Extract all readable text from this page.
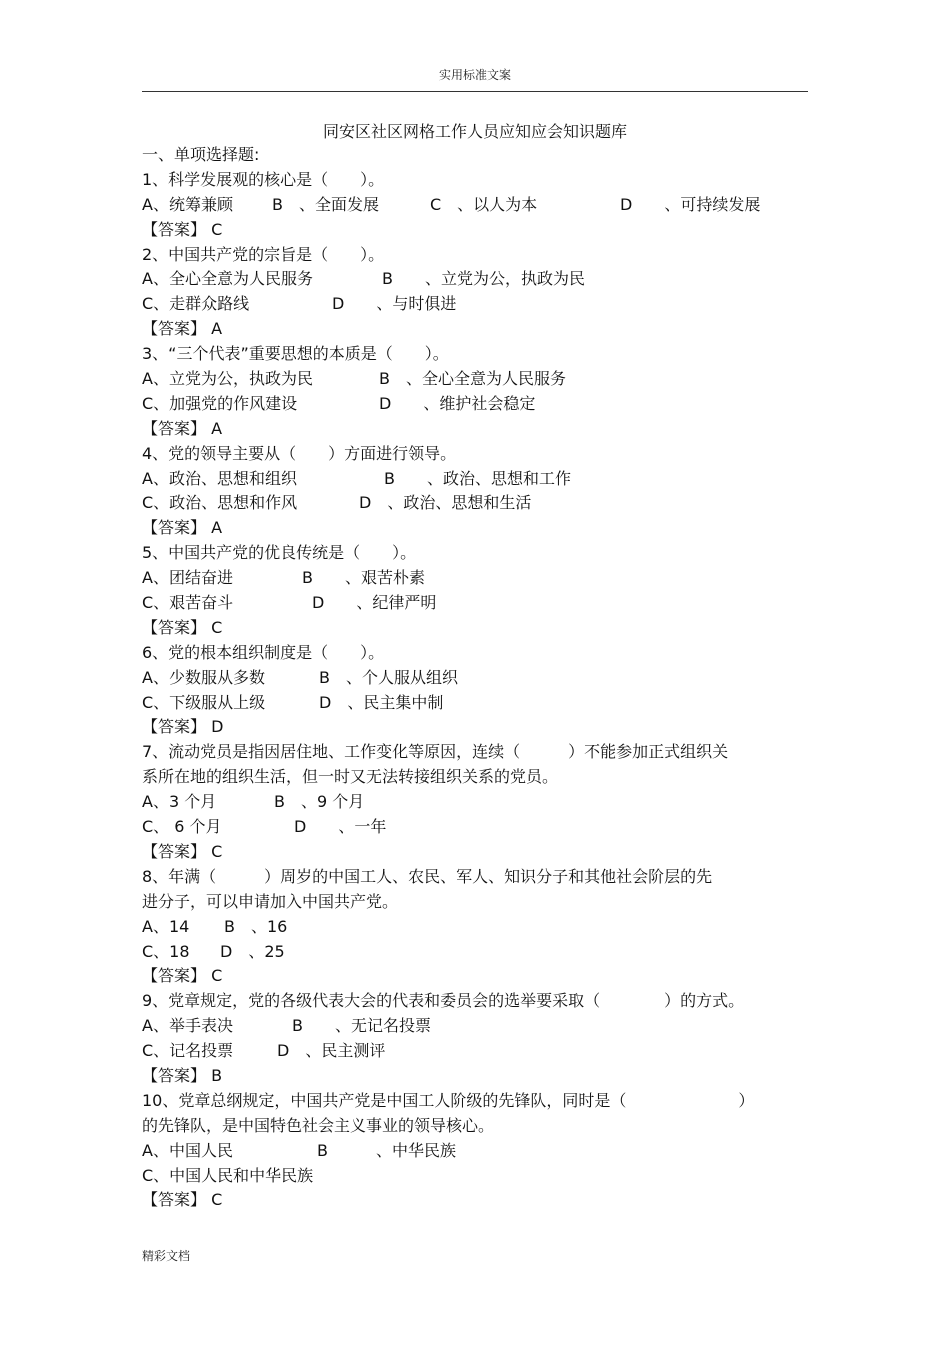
实用标准文案
同安区社区网格工作人员应知应会知识题库
一、单项选择题:
1、科学发展观的核心是（　　）。
A、统筹兼顾 B　、全面发展	C　、以人为本	D　　、可持续发展
【答案】 C
2、中国共产党的宗旨是（　　）。
A、全心全意为人民服务	B　　、立党为公，执政为民
C、走群众路线	D　　、与时俱进
【答案】 A
3、“三个代表”重要思想的本质是（　　）。
A、立党为公，执政为民	B　、全心全意为人民服务
C、加强党的作风建设	D　　、维护社会稳定
【答案】 A
4、党的领导主要从（　　）方面进行领导。
A、政治、思想和组织	B　　、政治、思想和工作
C、政治、思想和作风	D　、政治、思想和生活
【答案】 A
5、中国共产党的优良传统是（　　）。
A、团结奋进	B　　、艰苦朴素
C、艰苦奋斗	D　　、纪律严明
【答案】 C
6、党的根本组织制度是（　　）。
A、少数服从多数	B　、个人服从组织
C、下级服从上级	D　、民主集中制
【答案】 D
7、流动党员是指因居住地、工作变化等原因，连续（　　　）不能参加正式组织关
系所在地的组织生活，但一时又无法转接组织关系的党员。
A、3 个月	B　、9 个月
C、 6 个月	D　　、一年
【答案】 C
8、年满（　　　）周岁的中国工人、农民、军人、知识分子和其他社会阶层的先
进分子，可以申请加入中国共产党。
A、14 B　、16
C、18 D　、25
【答案】 C
9、党章规定，党的各级代表大会的代表和委员会的选举要采取（　　　　）的方式。
A、举手表决	B　　、无记名投票
C、记名投票	D　、民主测评
【答案】 B
10、党章总纲规定，中国共产党是中国工人阶级的先锋队，同时是（　　　　　　　）
的先锋队，是中国特色社会主义事业的领导核心。
A、中国人民	B　　　、中华民族
C、中国人民和中华民族
【答案】 C
精彩文档
